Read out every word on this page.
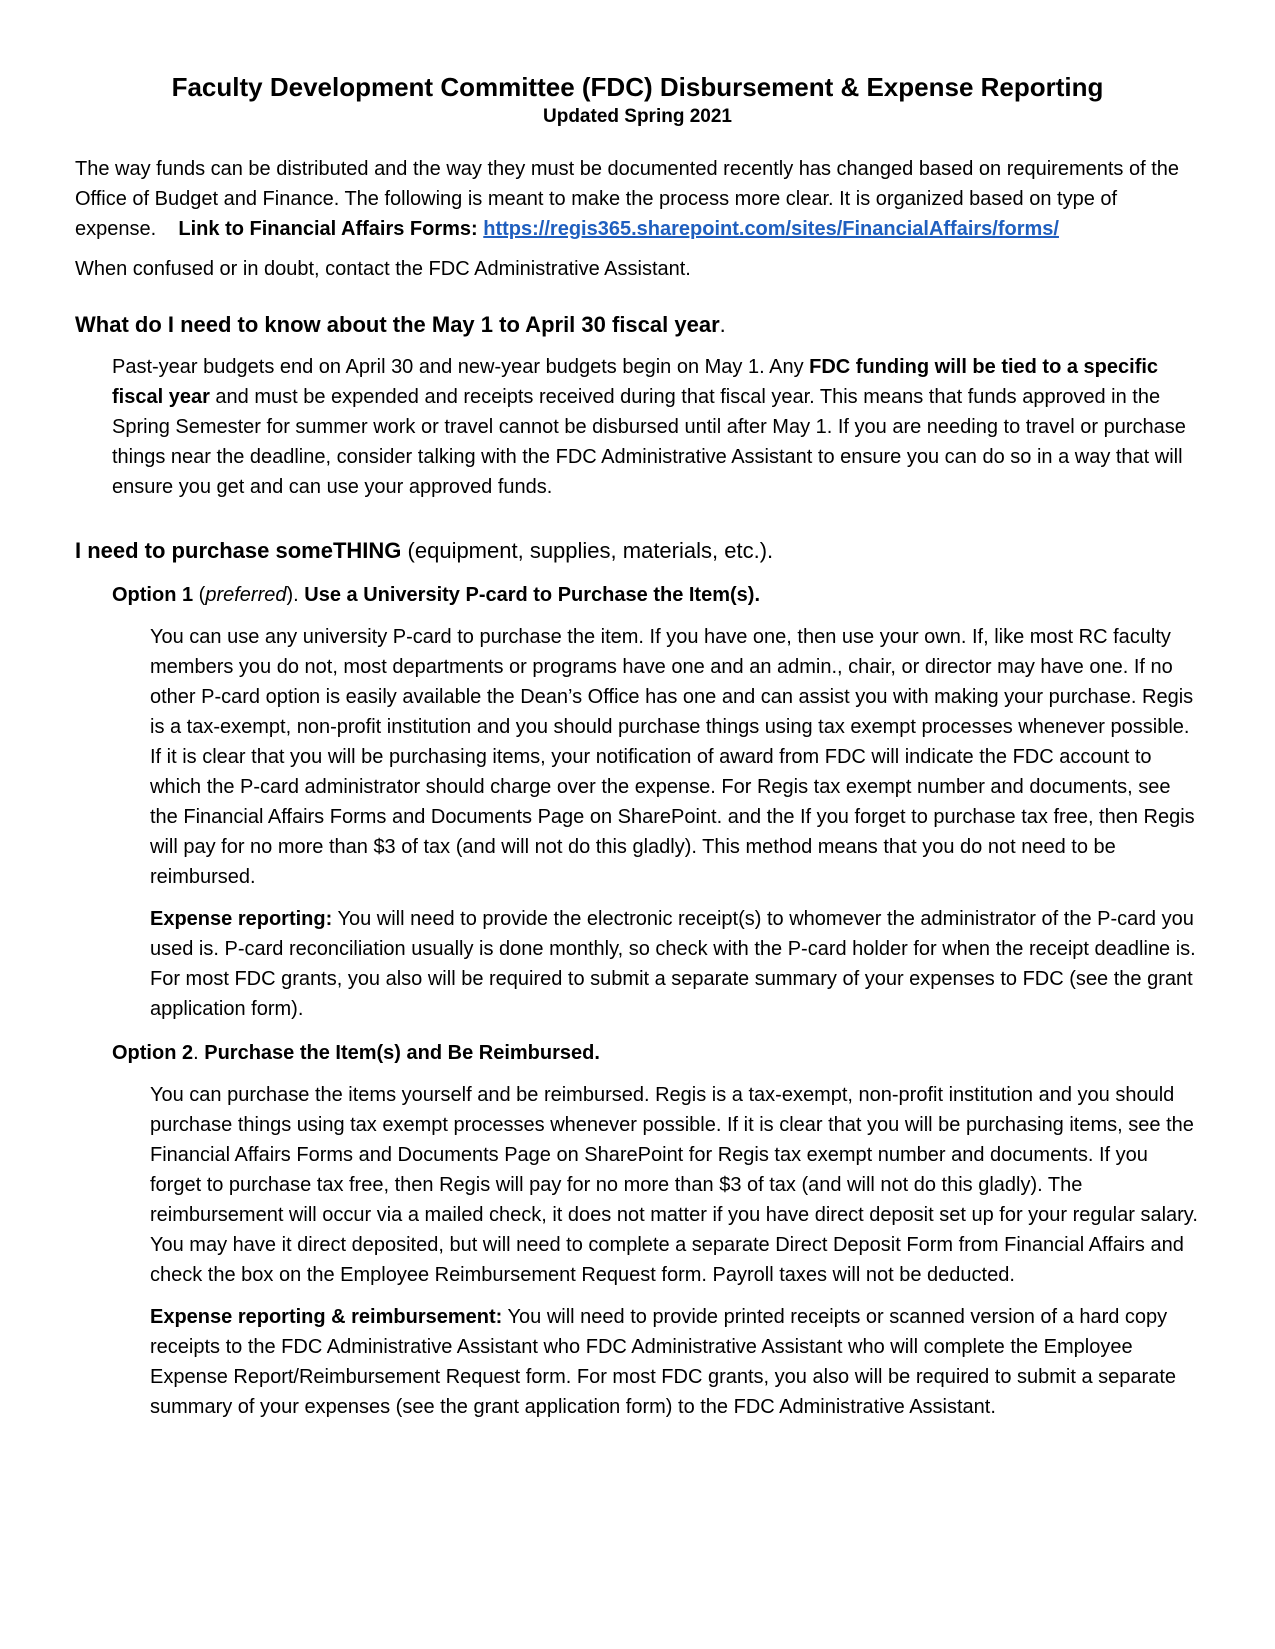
Faculty Development Committee (FDC) Disbursement & Expense Reporting
Updated Spring 2021

The way funds can be distributed and the way they must be documented recently has changed based on requirements of the Office of Budget and Finance. The following is meant to make the process more clear. It is organized based on type of expense. Link to Financial Affairs Forms: https://regis365.sharepoint.com/sites/FinancialAffairs/forms/

When confused or in doubt, contact the FDC Administrative Assistant.

What do I need to know about the May 1 to April 30 fiscal year.

Past-year budgets end on April 30 and new-year budgets begin on May 1. Any FDC funding will be tied to a specific fiscal year and must be expended and receipts received during that fiscal year. This means that funds approved in the Spring Semester for summer work or travel cannot be disbursed until after May 1. If you are needing to travel or purchase things near the deadline, consider talking with the FDC Administrative Assistant to ensure you can do so in a way that will ensure you get and can use your approved funds.

I need to purchase someTHING (equipment, supplies, materials, etc.).

Option 1 (preferred). Use a University P-card to Purchase the Item(s).

You can use any university P-card to purchase the item. If you have one, then use your own. If, like most RC faculty members you do not, most departments or programs have one and an admin., chair, or director may have one. If no other P-card option is easily available the Dean’s Office has one and can assist you with making your purchase. Regis is a tax-exempt, non-profit institution and you should purchase things using tax exempt processes whenever possible. If it is clear that you will be purchasing items, your notification of award from FDC will indicate the FDC account to which the P-card administrator should charge over the expense. For Regis tax exempt number and documents, see the Financial Affairs Forms and Documents Page on SharePoint. and the If you forget to purchase tax free, then Regis will pay for no more than $3 of tax (and will not do this gladly). This method means that you do not need to be reimbursed.

Expense reporting: You will need to provide the electronic receipt(s) to whomever the administrator of the P-card you used is. P-card reconciliation usually is done monthly, so check with the P-card holder for when the receipt deadline is. For most FDC grants, you also will be required to submit a separate summary of your expenses to FDC (see the grant application form).

Option 2. Purchase the Item(s) and Be Reimbursed.

You can purchase the items yourself and be reimbursed. Regis is a tax-exempt, non-profit institution and you should purchase things using tax exempt processes whenever possible. If it is clear that you will be purchasing items, see the Financial Affairs Forms and Documents Page on SharePoint for Regis tax exempt number and documents. If you forget to purchase tax free, then Regis will pay for no more than $3 of tax (and will not do this gladly). The reimbursement will occur via a mailed check, it does not matter if you have direct deposit set up for your regular salary. You may have it direct deposited, but will need to complete a separate Direct Deposit Form from Financial Affairs and check the box on the Employee Reimbursement Request form. Payroll taxes will not be deducted.

Expense reporting & reimbursement: You will need to provide printed receipts or scanned version of a hard copy receipts to the FDC Administrative Assistant who FDC Administrative Assistant who will complete the Employee Expense Report/Reimbursement Request form. For most FDC grants, you also will be required to submit a separate summary of your expenses (see the grant application form) to the FDC Administrative Assistant.
